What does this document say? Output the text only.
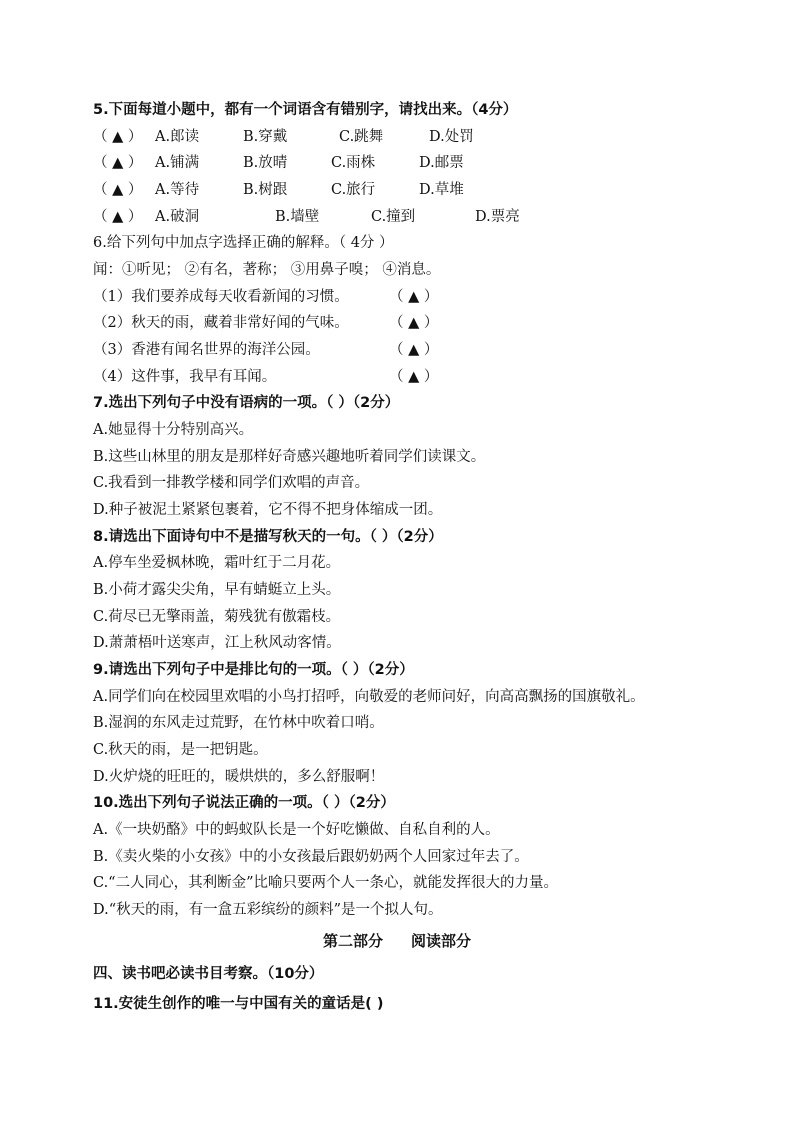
5.下面每道小题中，都有一个词语含有错别字，请找出来。（4分）
（ ▲ ） A.郎读	B.穿戴	C.跳舞	D.处罚
（ ▲ ） A.铺满	B.放晴	C.雨株	D.邮票
（ ▲ ） A.等待	B.树跟	C.旅行	D.草堆
（ ▲ ） A.破洞	B.墙壁	C.撞到	D.票亮
6.给下列句中加点字选择正确的解释。（ 4分 ）
闻：①听见； ②有名，著称； ③用鼻子嗅； ④消息。
（1）我们要养成每天收看新闻的习惯。	（ ▲ ）
（2）秋天的雨，藏着非常好闻的气味。	（ ▲ ）
（3）香港有闻名世界的海洋公园。	（ ▲ ）
（4）这件事，我早有耳闻。	（ ▲ ）
7.选出下列句子中没有语病的一项。（ ）（2分）
A.她显得十分特别高兴。
B.这些山林里的朋友是那样好奇感兴趣地听着同学们读课文。
C.我看到一排教学楼和同学们欢唱的声音。
D.种子被泥土紧紧包裹着，它不得不把身体缩成一团。
8.请选出下面诗句中不是描写秋天的一句。（ ）（2分）
A.停车坐爱枫林晚，霜叶红于二月花。
B.小荷才露尖尖角，早有蜻蜓立上头。
C.荷尽已无擎雨盖，菊残犹有傲霜枝。
D.萧萧梧叶送寒声，江上秋风动客情。
9.请选出下列句子中是排比句的一项。（ ）（2分）
A.同学们向在校园里欢唱的小鸟打招呼，向敬爱的老师问好，向高高飘扬的国旗敬礼。
B.湿润的东风走过荒野，在竹林中吹着口哨。
C.秋天的雨，是一把钥匙。
D.火炉烧的旺旺的，暖烘烘的，多么舒服啊！
10.选出下列句子说法正确的一项。（ ）（2分）
A.《一块奶酪》中的蚂蚁队长是一个好吃懒做、自私自利的人。
B.《卖火柴的小女孩》中的小女孩最后跟奶奶两个人回家过年去了。
C.“二人同心，其利断金”比喻只要两个人一条心，就能发挥很大的力量。
D.“秋天的雨，有一盒五彩缤纷的颜料”是一个拟人句。
第二部分 阅读部分
四、读书吧必读书目考察。（10分）
11.安徒生创作的唯一与中国有关的童话是( )
